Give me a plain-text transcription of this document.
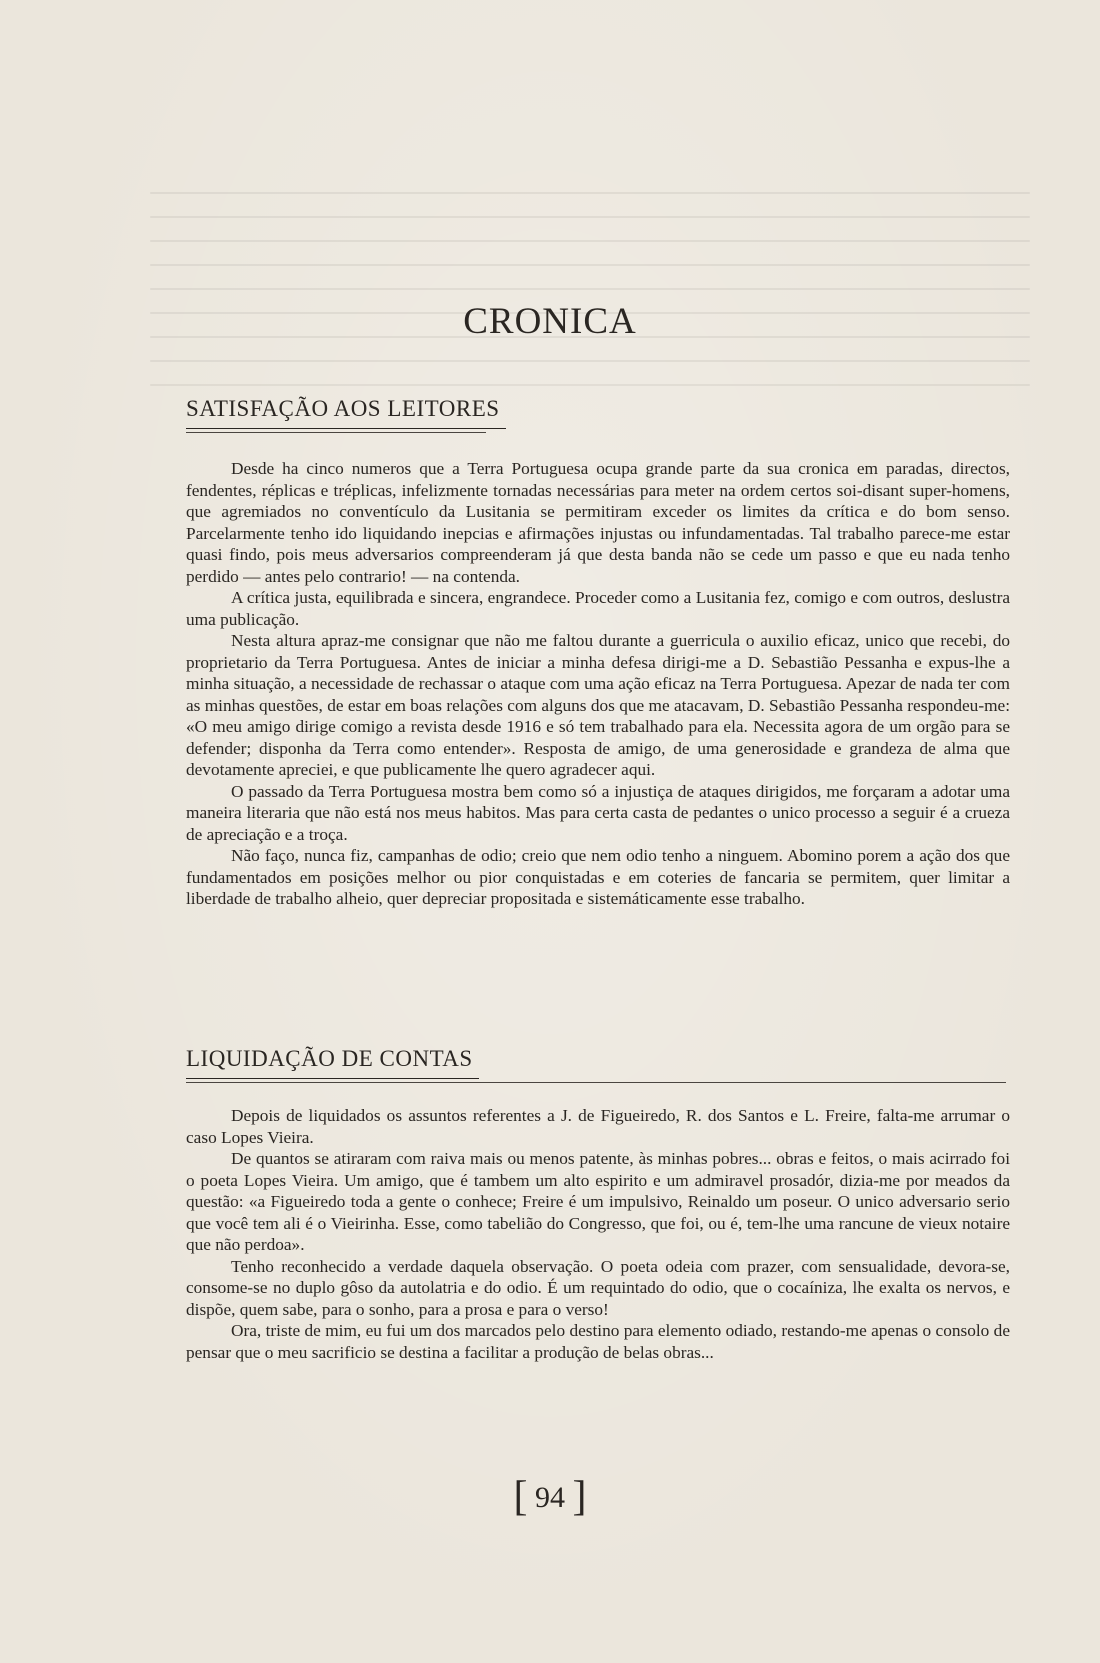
CRONICA
SATISFAÇÃO AOS LEITORES

Desde ha cinco numeros que a Terra Portuguesa ocupa grande parte da sua cronica em paradas, directos, fendentes, réplicas e tréplicas, infelizmente tornadas necessárias para meter na ordem certos soi-disant super-homens, que agremiados no conventículo da Lusitania se permitiram exceder os limites da crítica e do bom senso. Parcelarmente tenho ido liquidando inepcias e afirmações injustas ou infundamentadas. Tal trabalho parece-me estar quasi findo, pois meus adversarios compreenderam já que desta banda não se cede um passo e que eu nada tenho perdido — antes pelo contrario! — na contenda.

A crítica justa, equilibrada e sincera, engrandece. Proceder como a Lusitania fez, comigo e com outros, deslustra uma publicação.

Nesta altura apraz-me consignar que não me faltou durante a guerricula o auxilio eficaz, unico que recebi, do proprietario da Terra Portuguesa. Antes de iniciar a minha defesa dirigi-me a D. Sebastião Pessanha e expus-lhe a minha situação, a necessidade de rechassar o ataque com uma ação eficaz na Terra Portuguesa. Apezar de nada ter com as minhas questões, de estar em boas relações com alguns dos que me atacavam, D. Sebastião Pessanha respondeu-me: «O meu amigo dirige comigo a revista desde 1916 e só tem trabalhado para ela. Necessita agora de um orgão para se defender; disponha da Terra como entender». Resposta de amigo, de uma generosidade e grandeza de alma que devotamente apreciei, e que publicamente lhe quero agradecer aqui.

O passado da Terra Portuguesa mostra bem como só a injustiça de ataques dirigidos, me forçaram a adotar uma maneira literaria que não está nos meus habitos. Mas para certa casta de pedantes o unico processo a seguir é a crueza de apreciação e a troça.

Não faço, nunca fiz, campanhas de odio; creio que nem odio tenho a ninguem. Abomino porem a ação dos que fundamentados em posições melhor ou pior conquistadas e em coteries de fancaria se permitem, quer limitar a liberdade de trabalho alheio, quer depreciar propositada e sistemáticamente esse trabalho.

LIQUIDAÇÃO DE CONTAS

Depois de liquidados os assuntos referentes a J. de Figueiredo, R. dos Santos e L. Freire, falta-me arrumar o caso Lopes Vieira.

De quantos se atiraram com raiva mais ou menos patente, às minhas pobres... obras e feitos, o mais acirrado foi o poeta Lopes Vieira. Um amigo, que é tambem um alto espirito e um admiravel prosadór, dizia-me por meados da questão: «a Figueiredo toda a gente o conhece; Freire é um impulsivo, Reinaldo um poseur. O unico adversario serio que você tem ali é o Vieirinha. Esse, como tabelião do Congresso, que foi, ou é, tem-lhe uma rancune de vieux notaire que não perdoa».

Tenho reconhecido a verdade daquela observação. O poeta odeia com prazer, com sensualidade, devora-se, consome-se no duplo gôso da autolatria e do odio. É um requintado do odio, que o cocaínizа, lhe exalta os nervos, e dispõe, quem sabe, para o sonho, para a prosa e para o verso!

Ora, triste de mim, eu fui um dos marcados pelo destino para elemento odiado, restando-me apenas o consolo de pensar que o meu sacrificio se destina a facilitar a produção de belas obras...

[ 94 ]
